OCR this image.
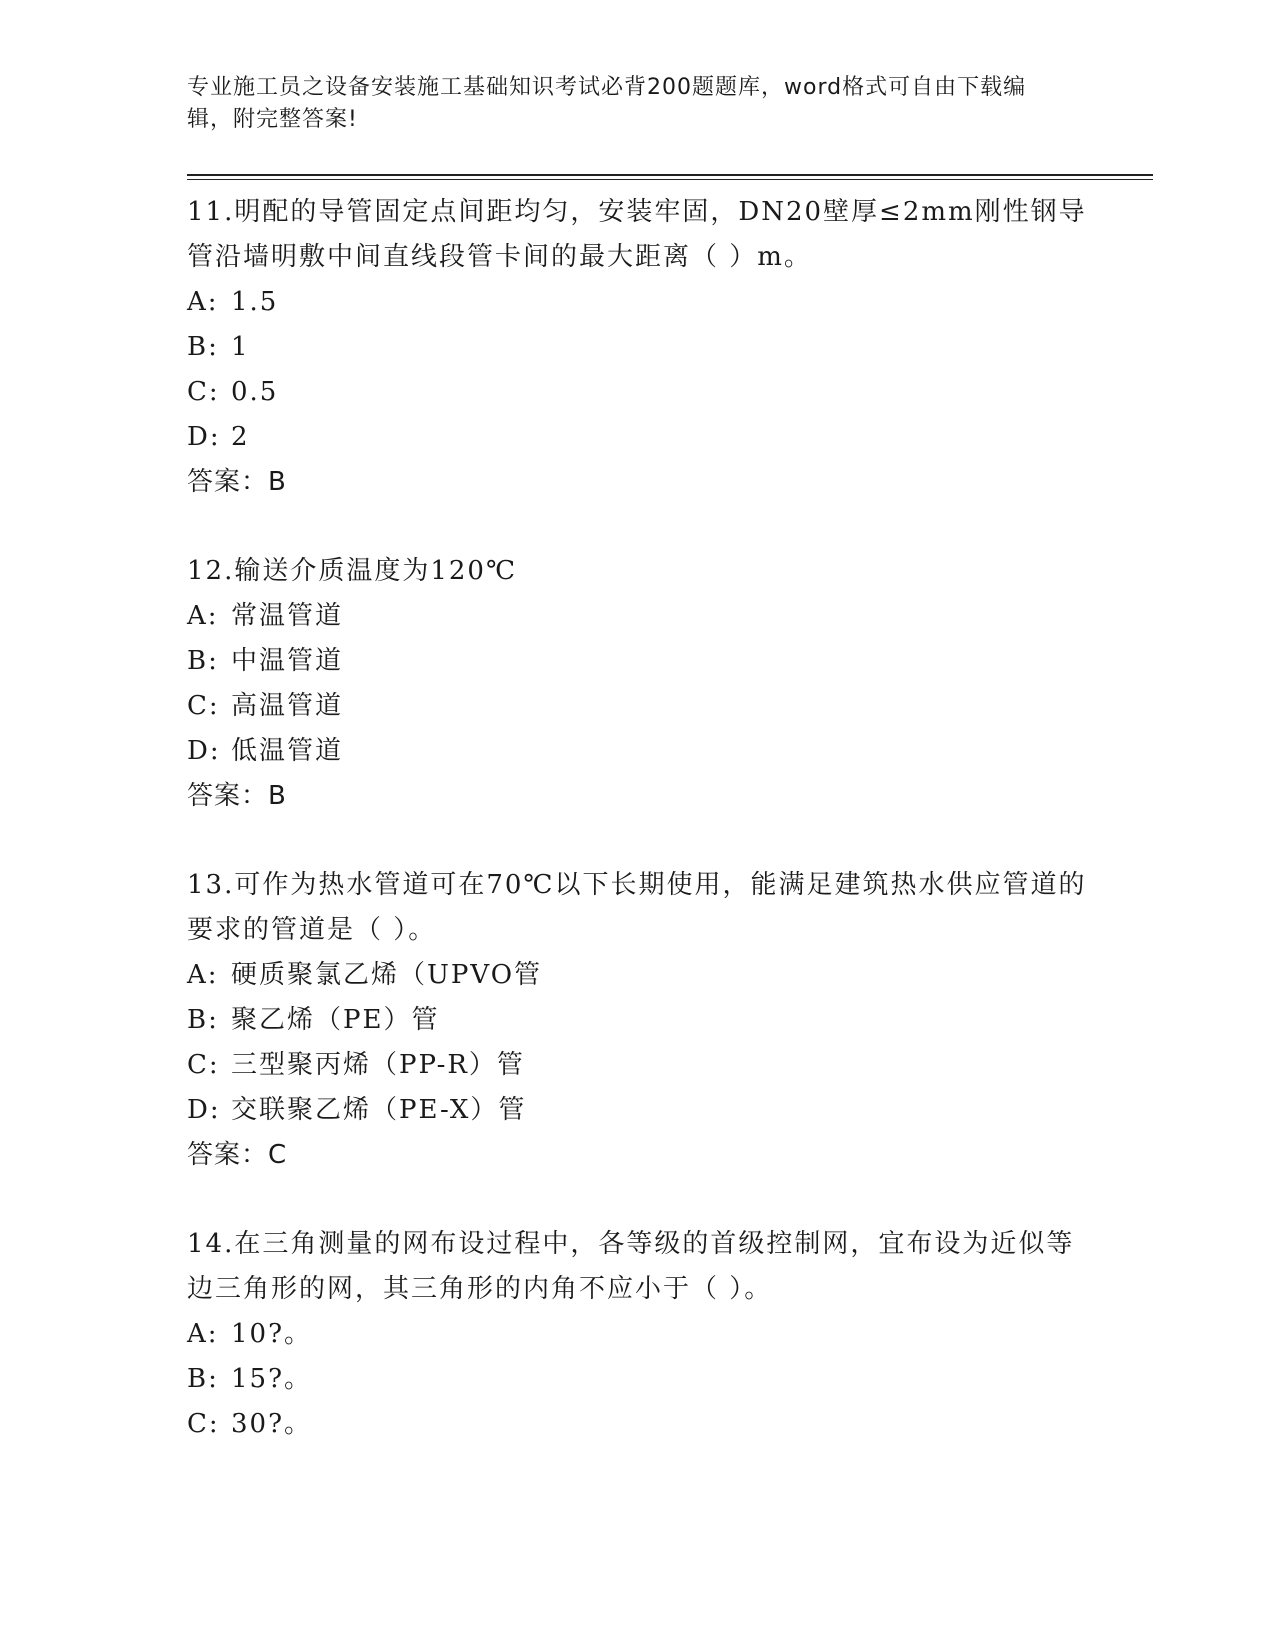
专业施工员之设备安装施工基础知识考试必背200题题库，word格式可自由下载编辑，附完整答案!

11.明配的导管固定点间距均匀，安装牢固，DN20壁厚≤2mm刚性钢导管沿墙明敷中间直线段管卡间的最大距离（ ）m。

A: 1.5
B: 1
C: 0.5
D: 2
答案：B

12.输送介质温度为120℃

A: 常温管道
B: 中温管道
C: 高温管道
D: 低温管道
答案：B

13.可作为热水管道可在70℃以下长期使用，能满足建筑热水供应管道的要求的管道是（ ）。

A: 硬质聚氯乙烯（UPVO管
B: 聚乙烯（PE）管
C: 三型聚丙烯（PP-R）管
D: 交联聚乙烯（PE-X）管
答案：C

14.在三角测量的网布设过程中，各等级的首级控制网，宜布设为近似等边三角形的网，其三角形的内角不应小于（ ）。

A: 10?。
B: 15?。
C: 30?。
